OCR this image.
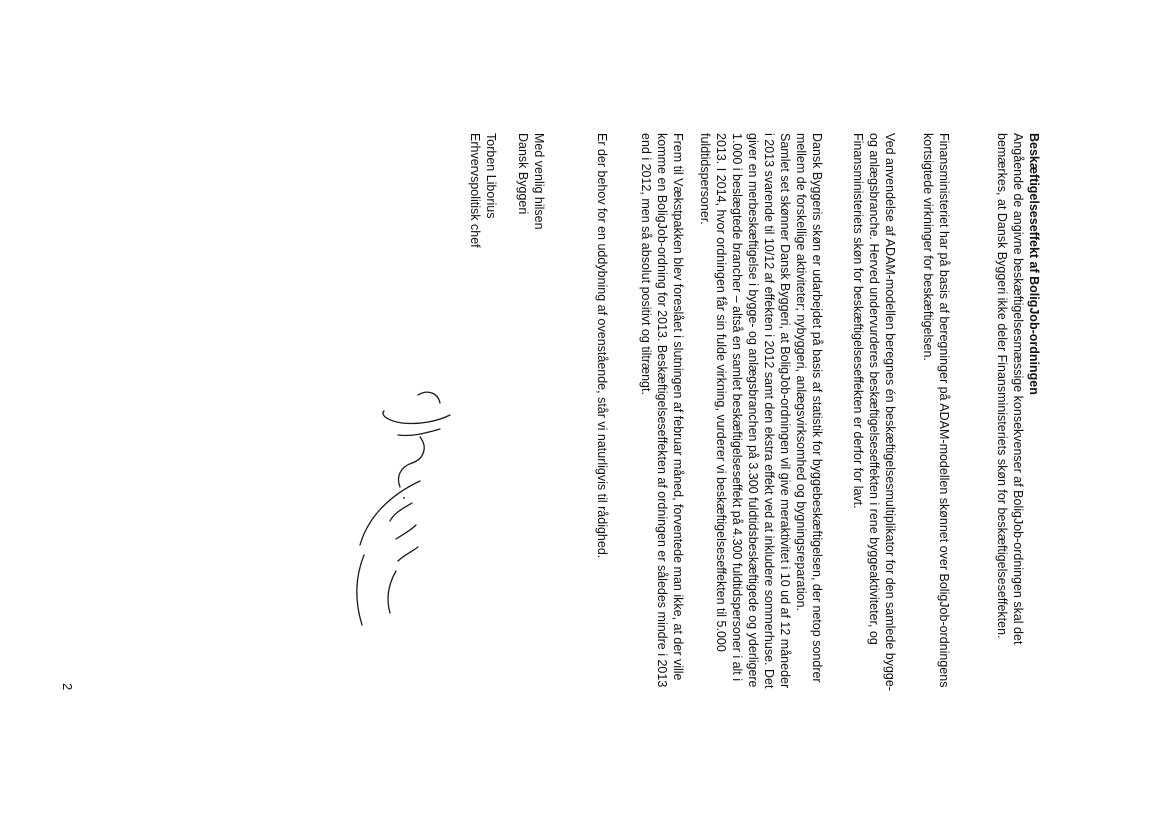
Beskæftigelseseffekt af BoligJob-ordningen

Angående de angivne beskæftigelsesmæssige konsekvenser af BoligJob-ordningen skal det bemærkes, at Dansk Byggeri ikke deler Finansministeriets skøn for beskæftigelseseffekten.

Finansministeriet har på basis af beregninger på ADAM-modellen skønnet over BoligJob-ordningens kortsigtede virkninger for beskæftigelsen.

Ved anvendelse af ADAM-modellen beregnes én beskæftigelsesmultiplikator for den samlede bygge- og anlægsbranche. Herved undervurderes beskæftigelseseffekten i rene byggeaktiviteter, og Finansministeriets skøn for beskæftigelseseffekten er derfor for lavt.

Dansk Byggeris skøn er udarbejdet på basis af statistik for byggebeskæftigelsen, der netop sondrer mellem de forskellige aktiviteter; nybyggeri, anlægsvirksomhed og bygningsreparation.

Samlet set skønner Dansk Byggeri, at BoligJob-ordningen vil give meraktivitet i 10 ud af 12 måneder i 2013 svarende til 10/12 af effekten i 2012 samt den ekstra effekt ved at inkludere sommerhuse. Det giver en merbeskæftigelse i bygge- og anlægsbranchen på 3.300 fuldtidsbeskæftigede og yderligere 1.000 i beslægtede brancher – altså en samlet beskæftigelseseffekt på 4.300 fuldtidspersoner i alt i 2013. I 2014, hvor ordningen får sin fulde virkning, vurderer vi beskæftigelseseffekten til 5.000 fuldtidspersoner.

Frem til Vækstpakken blev foreslået i slutningen af februar måned, forventede man ikke, at der ville komme en BoligJob-ordning for 2013. Beskæftigelseseffekten af ordningen er således mindre i 2013 end i 2012, men så absolut positivt og tiltrængt.

Er der behov for en uddybning af ovenstående, står vi naturligvis til rådighed.

Med venlig hilsen

Dansk Byggeri

Torben Liborius

Erhvervspolitisk chef

2
